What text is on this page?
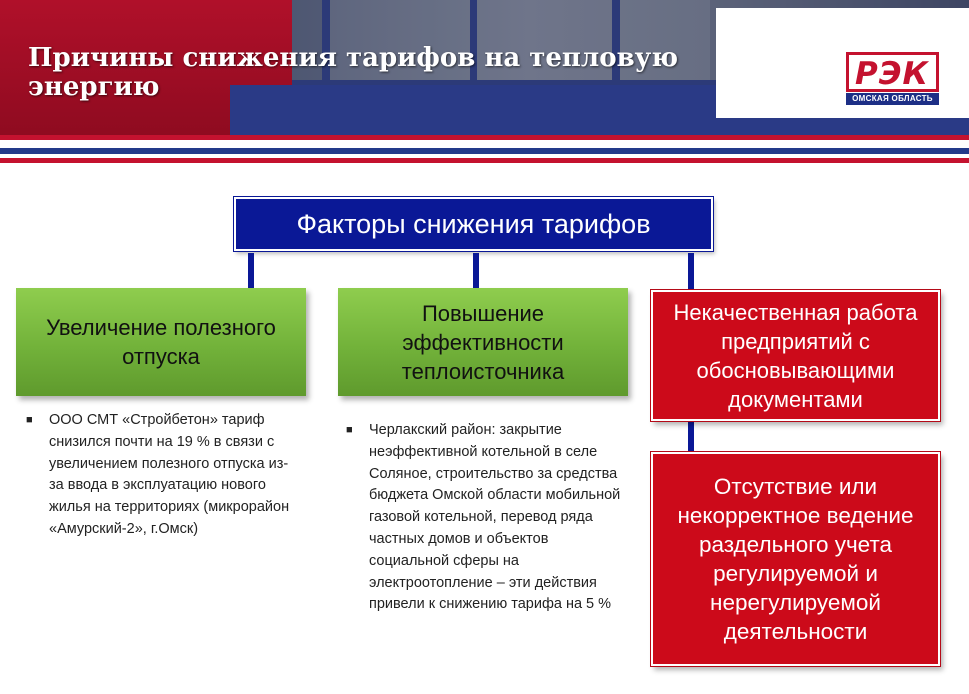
Причины снижения тарифов на тепловую энергию	РЭК
ОМСКАЯ ОБЛАСТЬ
Факторы снижения тарифов
Увеличение полезного отпуска
Повышение эффективности теплоисточника
Некачественная работа предприятий с обосновывающими документами
Отсутствие или некорректное ведение раздельного учета регулируемой и нерегулируемой деятельности
■ ООО СМТ «Стройбетон» тариф снизился почти на 19 % в связи с увеличением полезного отпуска из-за ввода в эксплуатацию нового жилья на территориях (микрорайон «Амурский-2», г.Омск)
■ Черлакский район: закрытие неэффективной котельной в селе Соляное, строительство за средства бюджета Омской области мобильной газовой котельной, перевод ряда частных домов и объектов социальной сферы на электроотопление – эти действия привели к снижению тарифа на 5 %
